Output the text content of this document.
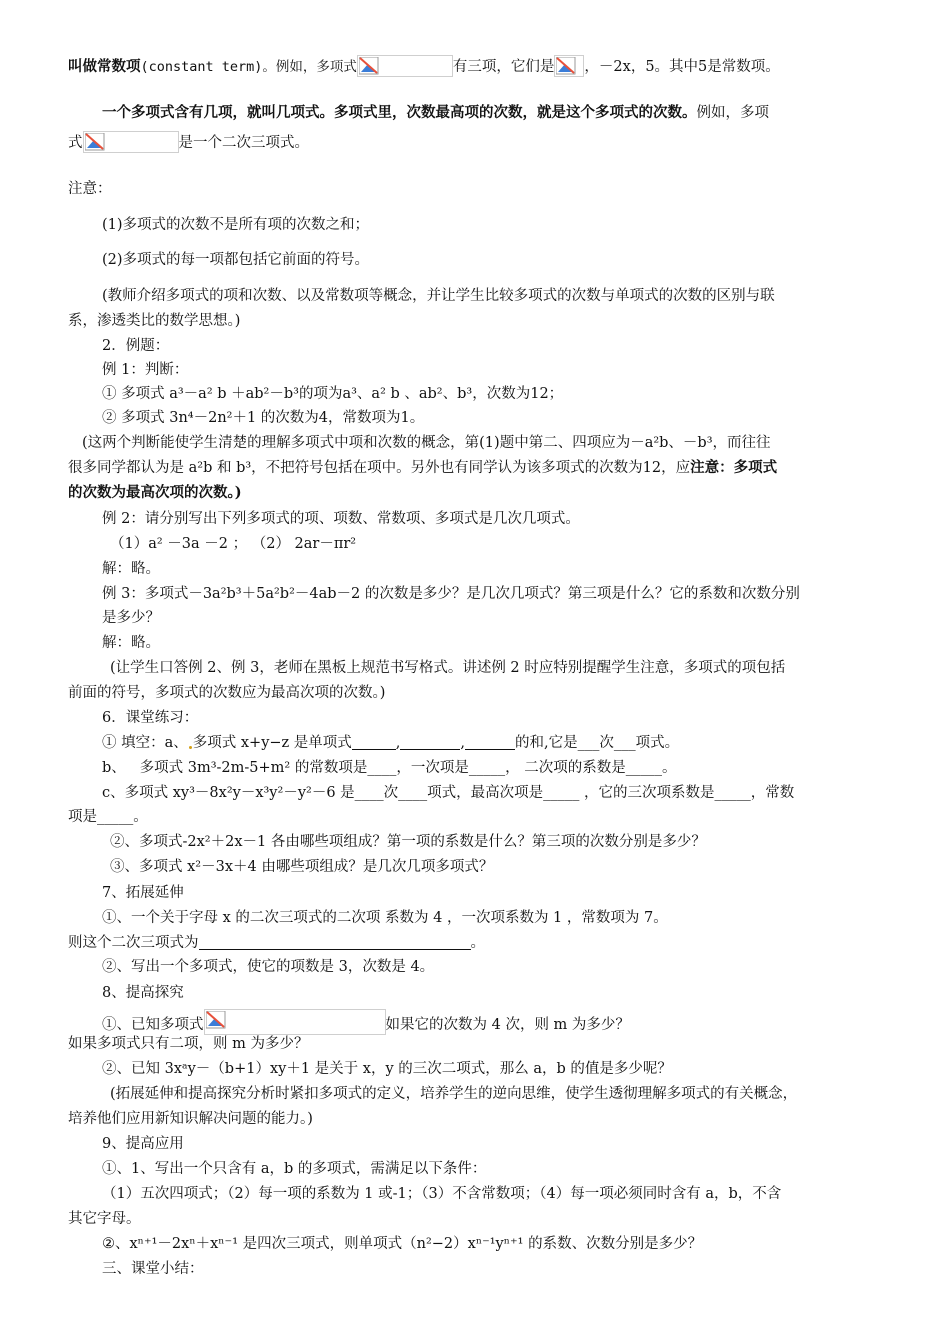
叫做常数项(constant term)。例如，多项式	有三项，它们是 ，－2x，5。其中5是常数项。
一个多项式含有几项，就叫几项式。多项式里，次数最高项的次数，就是这个多项式的次数。例如，多项
式	是一个二次三项式。
注意：
(1)多项式的次数不是所有项的次数之和；
(2)多项式的每一项都包括它前面的符号。
(教师介绍多项式的项和次数、以及常数项等概念，并让学生比较多项式的次数与单项式的次数的区别与联
系，渗透类比的数学思想。)
2．例题：
例 1：判断：
① 多项式 a³－a² b ＋ab²－b³的项为a³、a² b 、ab²、b³，次数为12；
② 多项式 3n⁴－2n²＋1 的次数为4，常数项为1。
(这两个判断能使学生清楚的理解多项式中项和次数的概念，第(1)题中第二、四项应为－a²b、－b³，而往往
很多同学都认为是 a²b 和 b³，不把符号包括在项中。另外也有同学认为该多项式的次数为12，应注意：多项式
的次数为最高次项的次数。)
例 2：请分别写出下列多项式的项、项数、常数项、多项式是几次几项式。
（1）a² －3a －2 ； （2） 2ar－πr²
解：略。
例 3：多项式－3a²b³＋5a²b²－4ab－2 的次数是多少？是几次几项式？第三项是什么？它的系数和次数分别
是多少？
解：略。
(让学生口答例 2、例 3，老师在黑板上规范书写格式。讲述例 2 时应特别提醒学生注意，多项式的项包括
前面的符号，多项式的次数应为最高次项的次数。)
6．课堂练习：
① 填空：a、 多项式 x+y−z 是单项式	,	,	的和,它是___次___项式。
b、 多项式 3m³-2m-5+m² 的常数项是____，一次项是_____， 二次项的系数是_____。
c、多项式 xy³－8x²y－x³y²－y²－6 是____次____项式，最高次项是_____ ，它的三次项系数是_____，常数
项是_____。
②、多项式-2x²＋2x－1 各由哪些项组成？第一项的系数是什么？第三项的次数分别是多少？
③、多项式 x²－3x＋4 由哪些项组成？是几次几项多项式？
7、拓展延伸
①、一个关于字母 x 的二次三项式的二次项 系数为 4 ，一次项系数为 1 ，常数项为 7。
则这个二次三项式为	。
②、写出一个多项式，使它的项数是 3，次数是 4。
8、提高探究
①、已知多项式	如果它的次数为 4 次，则 m 为多少？
如果多项式只有二项，则 m 为多少？
②、已知 3xᵃy－（b+1）xy＋1 是关于 x，y 的三次二项式，那么 a，b 的值是多少呢？
(拓展延伸和提高探究分析时紧扣多项式的定义，培养学生的逆向思维，使学生透彻理解多项式的有关概念，
培养他们应用新知识解决问题的能力。)
9、提高应用
①、1、写出一个只含有 a，b 的多项式，需满足以下条件：
（1）五次四项式；（2）每一项的系数为 1 或-1；（3）不含常数项；（4）每一项必须同时含有 a，b，不含
其它字母。
②、xⁿ⁺¹－2xⁿ＋xⁿ⁻¹ 是四次三项式，则单项式（n²−2）xⁿ⁻¹yⁿ⁺¹ 的系数、次数分别是多少？
三、课堂小结：
